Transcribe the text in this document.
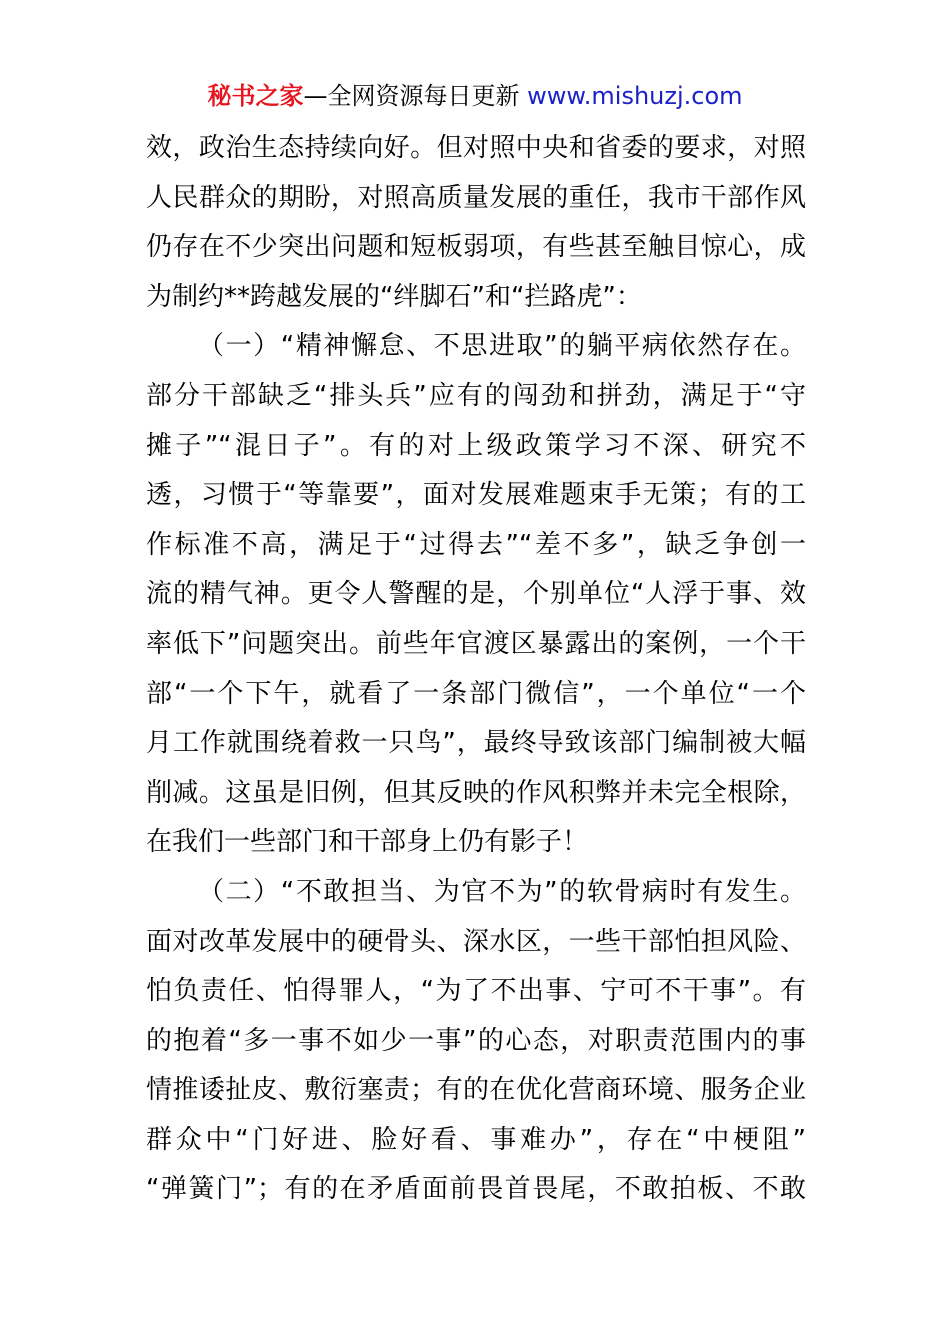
秘书之家—全网资源每日更新 www.mishuzj.com
效，政治生态持续向好。但对照中央和省委的要求，对照
人民群众的期盼，对照高质量发展的重任，我市干部作风
仍存在不少突出问题和短板弱项，有些甚至触目惊心，成
为制约**跨越发展的“绊脚石”和“拦路虎”：
（一）“精神懈怠、不思进取”的躺平病依然存在。
部分干部缺乏“排头兵”应有的闯劲和拼劲，满足于“守
摊子”“混日子”。有的对上级政策学习不深、研究不
透，习惯于“等靠要”，面对发展难题束手无策；有的工
作标准不高，满足于“过得去”“差不多”，缺乏争创一
流的精气神。更令人警醒的是，个别单位“人浮于事、效
率低下”问题突出。前些年官渡区暴露出的案例，一个干
部“一个下午，就看了一条部门微信”，一个单位“一个
月工作就围绕着救一只鸟”，最终导致该部门编制被大幅
削减。这虽是旧例，但其反映的作风积弊并未完全根除，
在我们一些部门和干部身上仍有影子！
（二）“不敢担当、为官不为”的软骨病时有发生。
面对改革发展中的硬骨头、深水区，一些干部怕担风险、
怕负责任、怕得罪人，“为了不出事、宁可不干事”。有
的抱着“多一事不如少一事”的心态，对职责范围内的事
情推诿扯皮、敷衍塞责；有的在优化营商环境、服务企业
群众中“门好进、脸好看、事难办”，存在“中梗阻”
“弹簧门”；有的在矛盾面前畏首畏尾，不敢拍板、不敢
